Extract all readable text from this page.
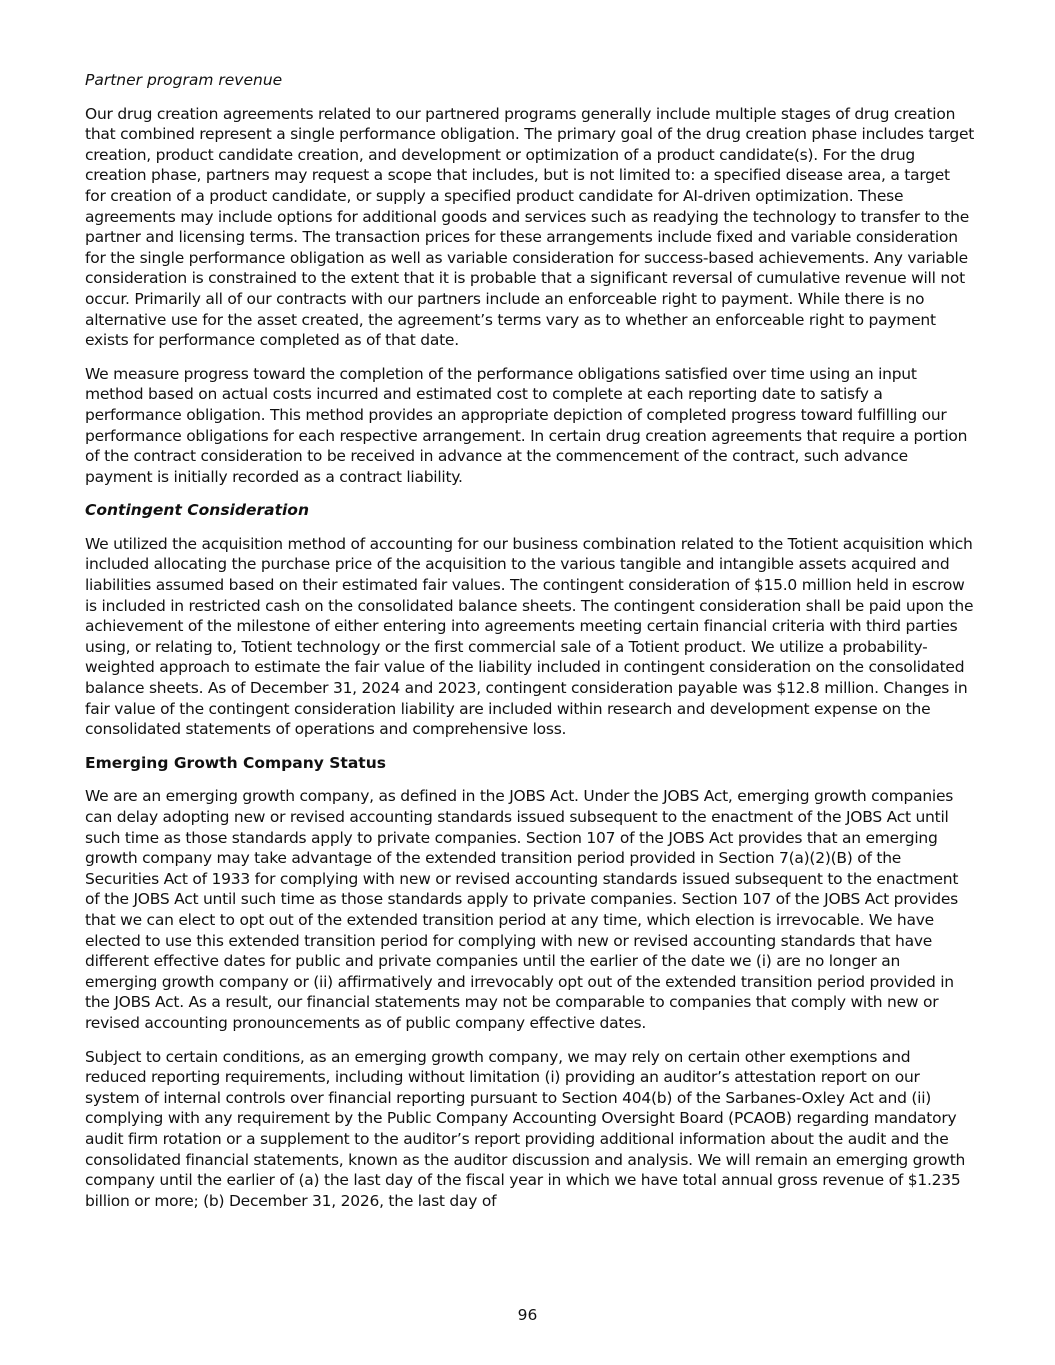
Partner program revenue

Our drug creation agreements related to our partnered programs generally include multiple stages of drug creation that combined represent a single performance obligation. The primary goal of the drug creation phase includes target creation, product candidate creation, and development or optimization of a product candidate(s). For the drug creation phase, partners may request a scope that includes, but is not limited to: a specified disease area, a target for creation of a product candidate, or supply a specified product candidate for AI-driven optimization. These agreements may include options for additional goods and services such as readying the technology to transfer to the partner and licensing terms. The transaction prices for these arrangements include fixed and variable consideration for the single performance obligation as well as variable consideration for success-based achievements. Any variable consideration is constrained to the extent that it is probable that a significant reversal of cumulative revenue will not occur. Primarily all of our contracts with our partners include an enforceable right to payment. While there is no alternative use for the asset created, the agreement’s terms vary as to whether an enforceable right to payment exists for performance completed as of that date.

We measure progress toward the completion of the performance obligations satisfied over time using an input method based on actual costs incurred and estimated cost to complete at each reporting date to satisfy a performance obligation. This method provides an appropriate depiction of completed progress toward fulfilling our performance obligations for each respective arrangement. In certain drug creation agreements that require a portion of the contract consideration to be received in advance at the commencement of the contract, such advance payment is initially recorded as a contract liability.

Contingent Consideration

We utilized the acquisition method of accounting for our business combination related to the Totient acquisition which included allocating the purchase price of the acquisition to the various tangible and intangible assets acquired and liabilities assumed based on their estimated fair values. The contingent consideration of $15.0 million held in escrow is included in restricted cash on the consolidated balance sheets. The contingent consideration shall be paid upon the achievement of the milestone of either entering into agreements meeting certain financial criteria with third parties using, or relating to, Totient technology or the first commercial sale of a Totient product. We utilize a probability-weighted approach to estimate the fair value of the liability included in contingent consideration on the consolidated balance sheets. As of December 31, 2024 and 2023, contingent consideration payable was $12.8 million. Changes in fair value of the contingent consideration liability are included within research and development expense on the consolidated statements of operations and comprehensive loss.

Emerging Growth Company Status

We are an emerging growth company, as defined in the JOBS Act. Under the JOBS Act, emerging growth companies can delay adopting new or revised accounting standards issued subsequent to the enactment of the JOBS Act until such time as those standards apply to private companies. Section 107 of the JOBS Act provides that an emerging growth company may take advantage of the extended transition period provided in Section 7(a)(2)(B) of the Securities Act of 1933 for complying with new or revised accounting standards issued subsequent to the enactment of the JOBS Act until such time as those standards apply to private companies. Section 107 of the JOBS Act provides that we can elect to opt out of the extended transition period at any time, which election is irrevocable. We have elected to use this extended transition period for complying with new or revised accounting standards that have different effective dates for public and private companies until the earlier of the date we (i) are no longer an emerging growth company or (ii) affirmatively and irrevocably opt out of the extended transition period provided in the JOBS Act. As a result, our financial statements may not be comparable to companies that comply with new or revised accounting pronouncements as of public company effective dates.

Subject to certain conditions, as an emerging growth company, we may rely on certain other exemptions and reduced reporting requirements, including without limitation (i) providing an auditor’s attestation report on our system of internal controls over financial reporting pursuant to Section 404(b) of the Sarbanes-Oxley Act and (ii) complying with any requirement by the Public Company Accounting Oversight Board (PCAOB) regarding mandatory audit firm rotation or a supplement to the auditor’s report providing additional information about the audit and the consolidated financial statements, known as the auditor discussion and analysis. We will remain an emerging growth company until the earlier of (a) the last day of the fiscal year in which we have total annual gross revenue of $1.235 billion or more; (b) December 31, 2026, the last day of

96
